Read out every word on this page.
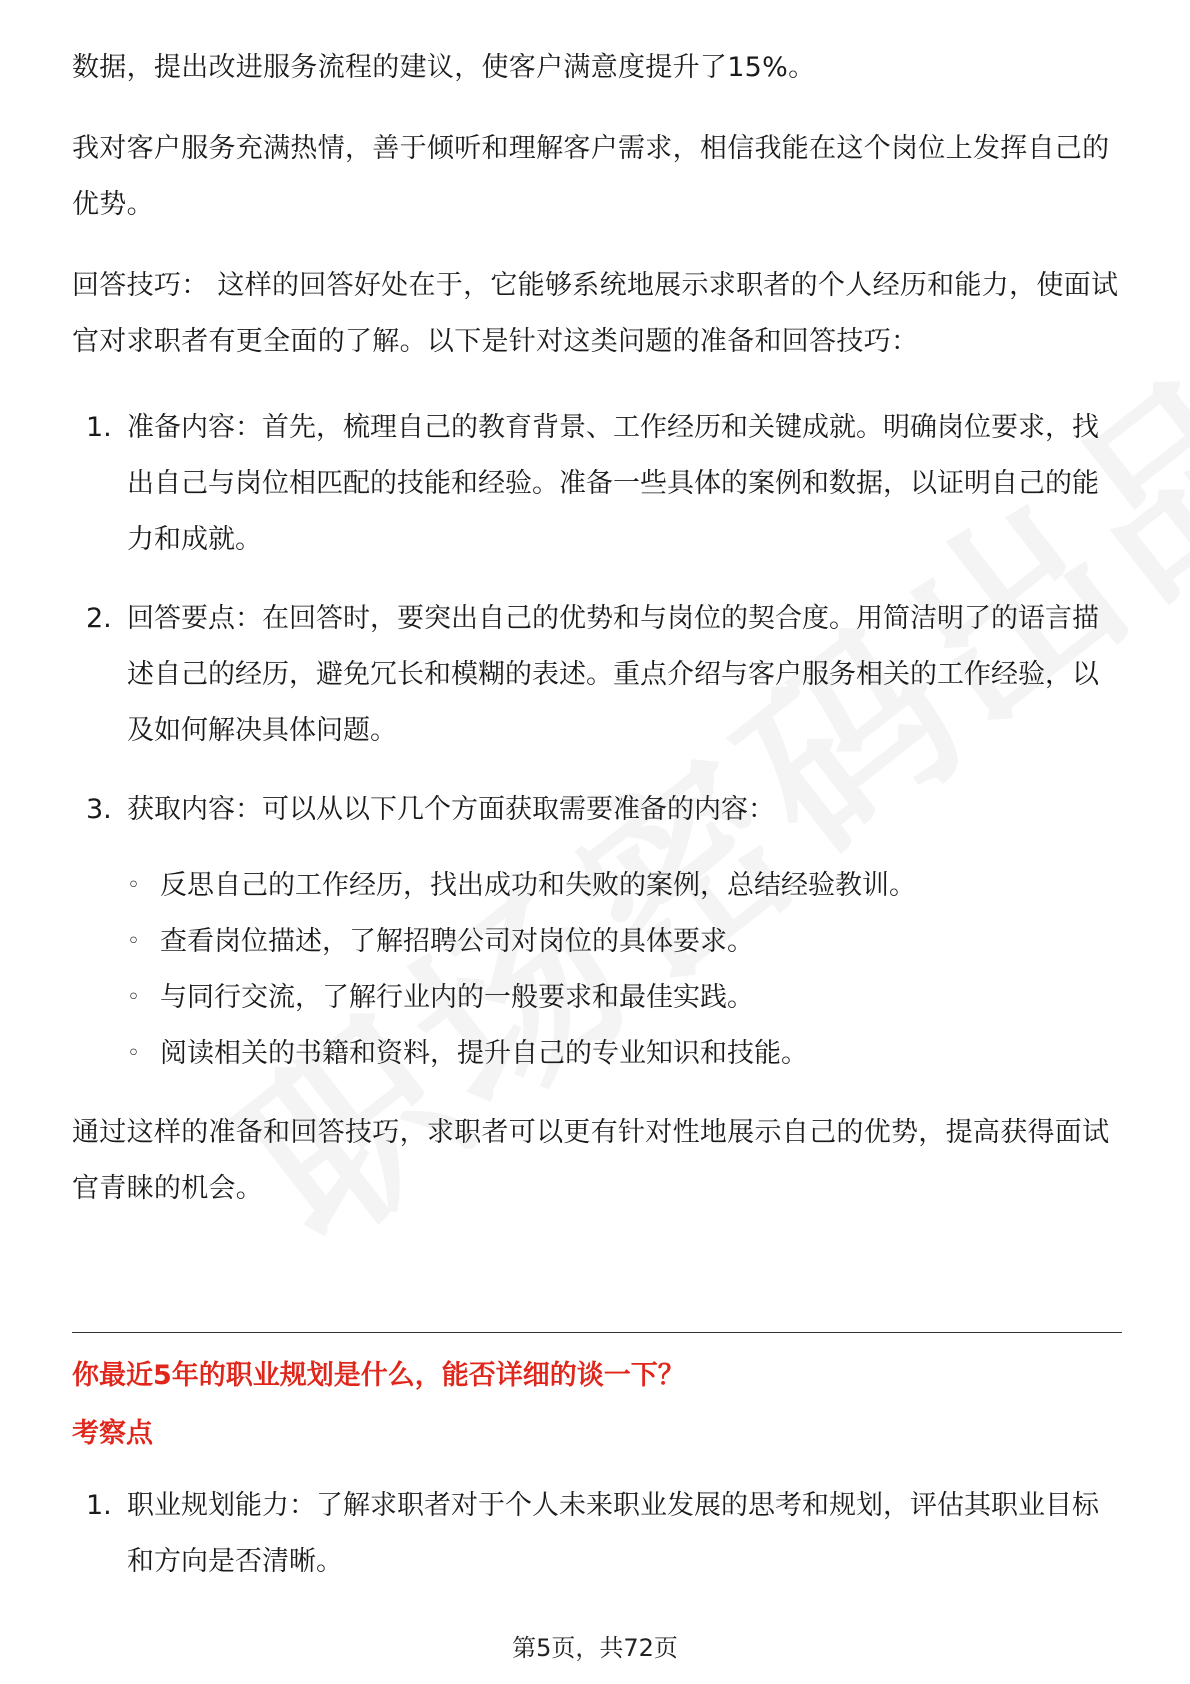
数据，提出改进服务流程的建议，使客户满意度提升了15%。

我对客户服务充满热情，善于倾听和理解客户需求，相信我能在这个岗位上发挥自己的优势。

回答技巧： 这样的回答好处在于，它能够系统地展示求职者的个人经历和能力，使面试官对求职者有更全面的了解。以下是针对这类问题的准备和回答技巧：

1. 准备内容：首先，梳理自己的教育背景、工作经历和关键成就。明确岗位要求，找出自己与岗位相匹配的技能和经验。准备一些具体的案例和数据，以证明自己的能力和成就。
2. 回答要点：在回答时，要突出自己的优势和与岗位的契合度。用简洁明了的语言描述自己的经历，避免冗长和模糊的表述。重点介绍与客户服务相关的工作经验，以及如何解决具体问题。
3. 获取内容：可以从以下几个方面获取需要准备的内容：
◦ 反思自己的工作经历，找出成功和失败的案例，总结经验教训。
◦ 查看岗位描述，了解招聘公司对岗位的具体要求。
◦ 与同行交流，了解行业内的一般要求和最佳实践。
◦ 阅读相关的书籍和资料，提升自己的专业知识和技能。

通过这样的准备和回答技巧，求职者可以更有针对性地展示自己的优势，提高获得面试官青睐的机会。

你最近5年的职业规划是什么，能否详细的谈一下？
考察点
1. 职业规划能力：了解求职者对于个人未来职业发展的思考和规划，评估其职业目标和方向是否清晰。
第5页，共72页
